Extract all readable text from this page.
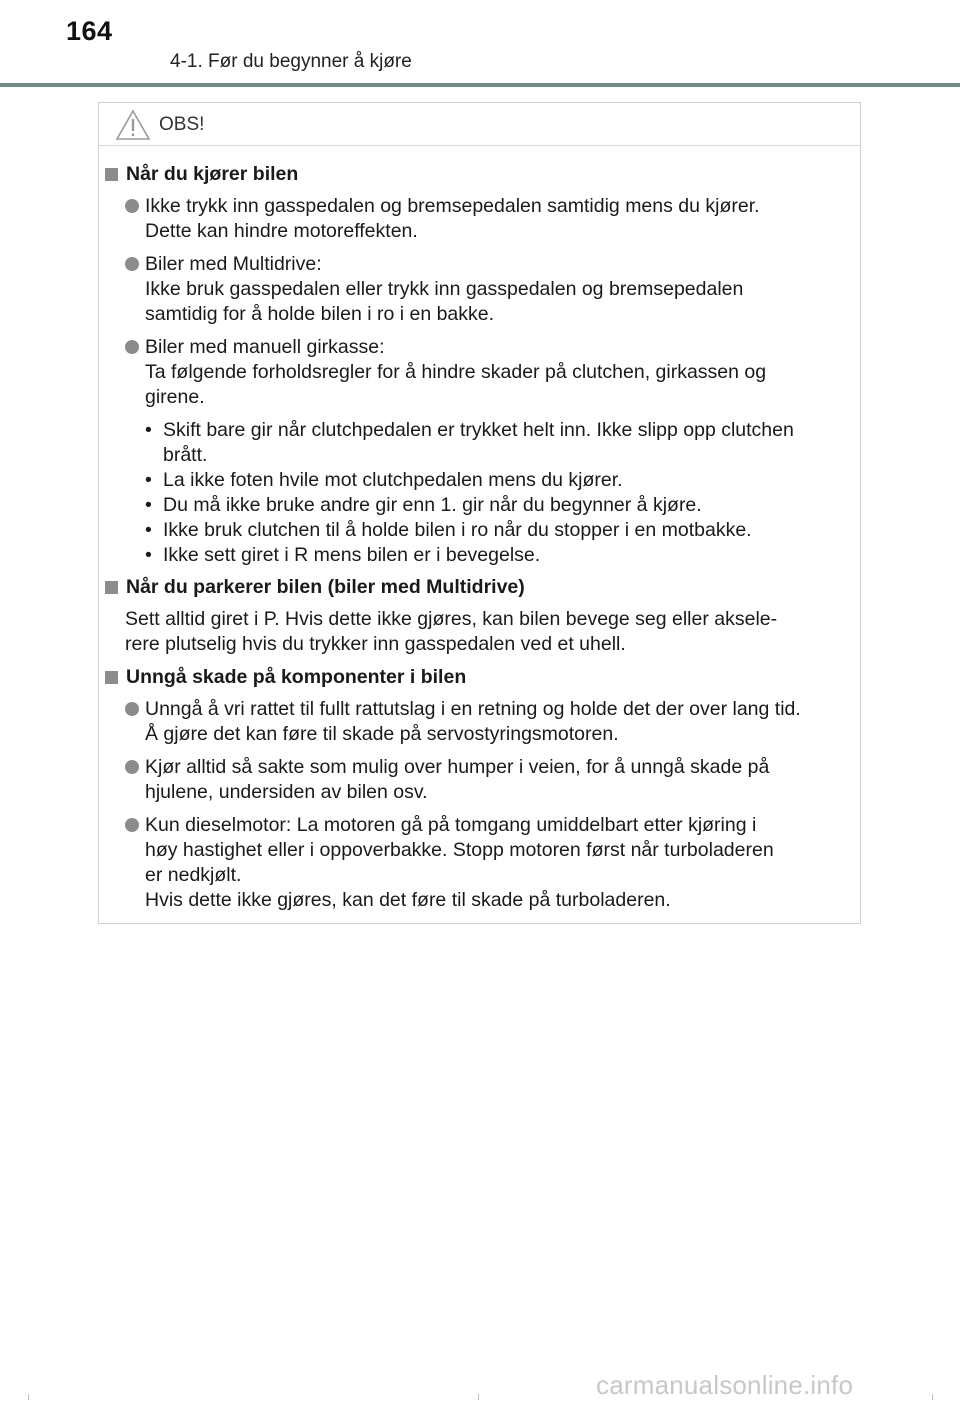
164
4-1. Før du begynner å kjøre
OBS!

Når du kjører bilen

Ikke trykk inn gasspedalen og bremsepedalen samtidig mens du kjører.
Dette kan hindre motoreffekten.

Biler med Multidrive:
Ikke bruk gasspedalen eller trykk inn gasspedalen og bremsepedalen
samtidig for å holde bilen i ro i en bakke.

Biler med manuell girkasse:
Ta følgende forholdsregler for å hindre skader på clutchen, girkassen og
girene.

• Skift bare gir når clutchpedalen er trykket helt inn. Ikke slipp opp clutchen
brått.

• La ikke foten hvile mot clutchpedalen mens du kjører.

• Du må ikke bruke andre gir enn 1. gir når du begynner å kjøre.

• Ikke bruk clutchen til å holde bilen i ro når du stopper i en motbakke.

• Ikke sett giret i R mens bilen er i bevegelse.

Når du parkerer bilen (biler med Multidrive)

Sett alltid giret i P. Hvis dette ikke gjøres, kan bilen bevege seg eller aksele-
rere plutselig hvis du trykker inn gasspedalen ved et uhell.

Unngå skade på komponenter i bilen

Unngå å vri rattet til fullt rattutslag i en retning og holde det der over lang tid.
Å gjøre det kan føre til skade på servostyringsmotoren.

Kjør alltid så sakte som mulig over humper i veien, for å unngå skade på
hjulene, undersiden av bilen osv.

Kun dieselmotor: La motoren gå på tomgang umiddelbart etter kjøring i
høy hastighet eller i oppoverbakke. Stopp motoren først når turboladeren
er nedkjølt.
Hvis dette ikke gjøres, kan det føre til skade på turboladeren.

carmanualsonline.info
